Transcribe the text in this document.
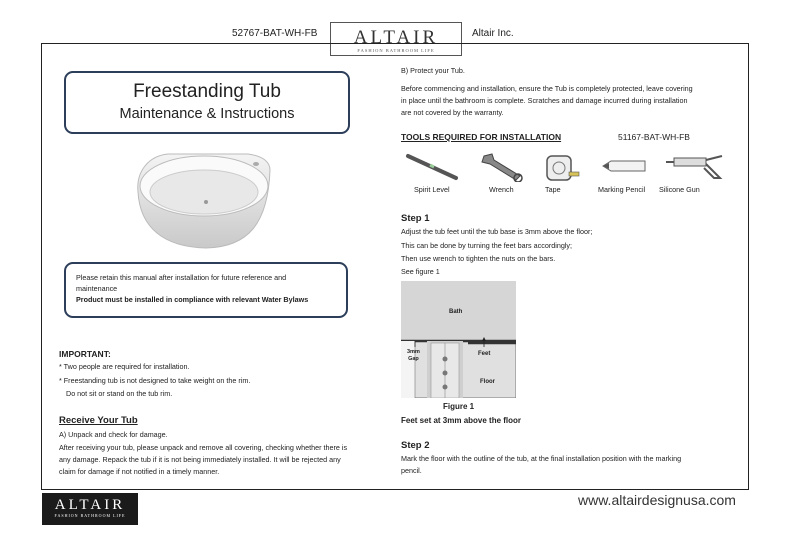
52767-BAT-WH-FB	ALTAIR
FASHION BATHROOM LIFE
Altair Inc.
Freestanding Tub
Maintenance & Instructions
Please retain this manual after installation for future reference and
maintenance
Product must be installed in compliance with relevant Water Bylaws
IMPORTANT:
* Two people are required for installation.
* Freestanding tub is not designed to take weight on the rim.
Do not sit or stand on the tub rim.
Receive Your Tub
A) Unpack and check for damage.
After receiving your tub, please unpack and remove all covering, checking whether there is
any damage. Repack the tub if it is not being immediately installed. It will be rejected any
claim for damage if not notified in a timely manner.
B) Protect your Tub.
Before commencing and installation, ensure the Tub is completely protected, leave covering
in place until the bathroom is complete. Scratches and damage incurred during installation
are not covered by the warranty.
TOOLS REQUIRED FOR INSTALLATION	51167-BAT-WH-FB
Spirit Level	Wrench	Tape	Marking Pencil Silicone Gun
Step 1
Adjust the tub feet until the tub base is 3mm above the floor;
This can be done by turning the feet bars accordingly;
Then use wrench to tighten the nuts on the bars.
See figure 1
Bath
3mm
Gap
Feet
Floor
Figure 1
Feet set at 3mm above the floor
Step 2
Mark the floor with the outline of the tub, at the final installation position with the marking
pencil.
ALTAIR
FASHION BATHROOM LIFE
www.altairdesignusa.com
